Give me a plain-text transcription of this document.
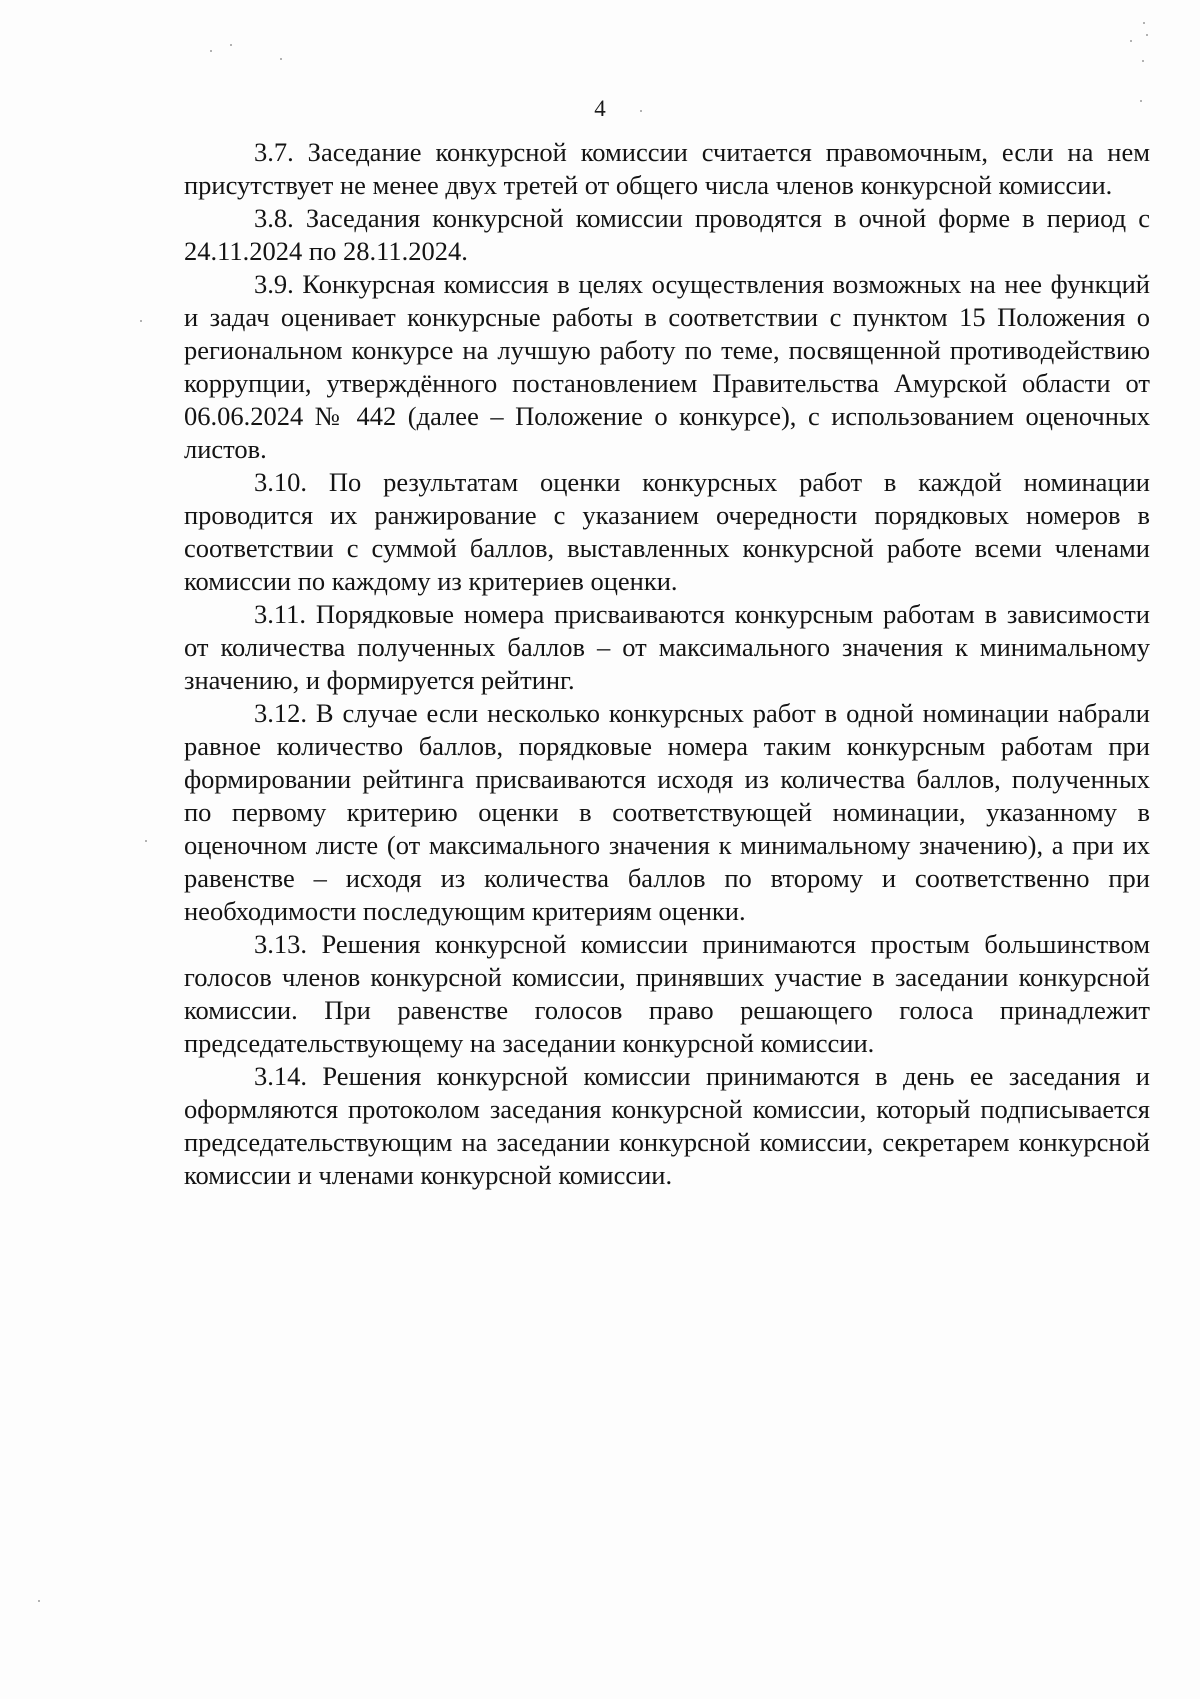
4

3.7. Заседание конкурсной комиссии считается правомочным, если на нем присутствует не менее двух третей от общего числа членов конкурсной комиссии.

3.8. Заседания конкурсной комиссии проводятся в очной форме в период с 24.11.2024 по 28.11.2024.

3.9. Конкурсная комиссия в целях осуществления возможных на нее функций и задач оценивает конкурсные работы в соответствии с пунктом 15 Положения о региональном конкурсе на лучшую работу по теме, посвященной противодействию коррупции, утверждённого постановлением Правительства Амурской области от 06.06.2024 № 442 (далее – Положение о конкурсе), с использованием оценочных листов.

3.10. По результатам оценки конкурсных работ в каждой номинации проводится их ранжирование с указанием очередности порядковых номеров в соответствии с суммой баллов, выставленных конкурсной работе всеми членами комиссии по каждому из критериев оценки.

3.11. Порядковые номера присваиваются конкурсным работам в зависимости от количества полученных баллов – от максимального значения к минимальному значению, и формируется рейтинг.

3.12. В случае если несколько конкурсных работ в одной номинации набрали равное количество баллов, порядковые номера таким конкурсным работам при формировании рейтинга присваиваются исходя из количества баллов, полученных по первому критерию оценки в соответствующей номинации, указанному в оценочном листе (от максимального значения к минимальному значению), а при их равенстве – исходя из количества баллов по второму и соответственно при необходимости последующим критериям оценки.

3.13. Решения конкурсной комиссии принимаются простым большинством голосов членов конкурсной комиссии, принявших участие в заседании конкурсной комиссии. При равенстве голосов право решающего голоса принадлежит председательствующему на заседании конкурсной комиссии.

3.14. Решения конкурсной комиссии принимаются в день ее заседания и оформляются протоколом заседания конкурсной комиссии, который подписывается председательствующим на заседании конкурсной комиссии, секретарем конкурсной комиссии и членами конкурсной комиссии.
